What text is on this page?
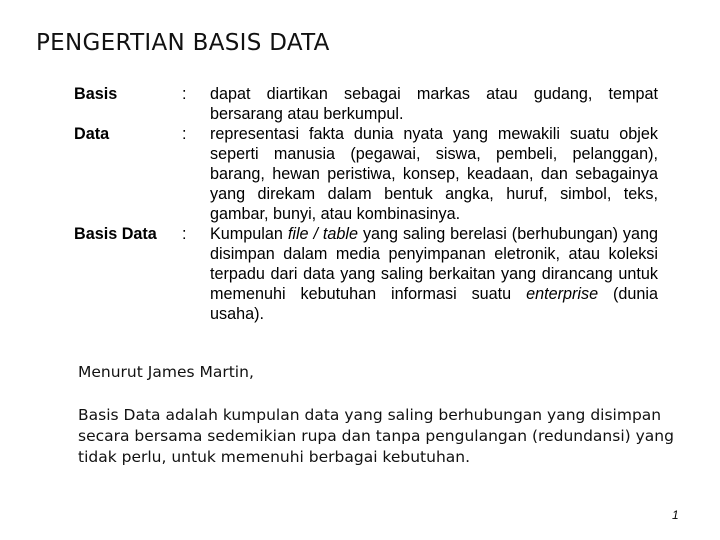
PENGERTIAN BASIS DATA
Basis	:	dapat diartikan sebagai markas atau gudang, tempat bersarang atau berkumpul.
Data	:	representasi fakta dunia nyata yang mewakili suatu objek seperti manusia (pegawai, siswa, pembeli, pelanggan), barang, hewan peristiwa, konsep, keadaan, dan sebagainya yang direkam dalam bentuk angka, huruf, simbol, teks, gambar, bunyi, atau kombinasinya.
Basis Data	:	Kumpulan file / table yang saling berelasi (berhubungan) yang disimpan dalam media penyimpanan eletronik, atau koleksi terpadu dari data yang saling berkaitan yang dirancang untuk memenuhi kebutuhan informasi suatu enterprise (dunia usaha).
Menurut James Martin,
Basis Data adalah kumpulan data yang saling berhubungan yang disimpan secara bersama sedemikian rupa dan tanpa pengulangan (redundansi) yang tidak perlu, untuk memenuhi berbagai kebutuhan.
1
